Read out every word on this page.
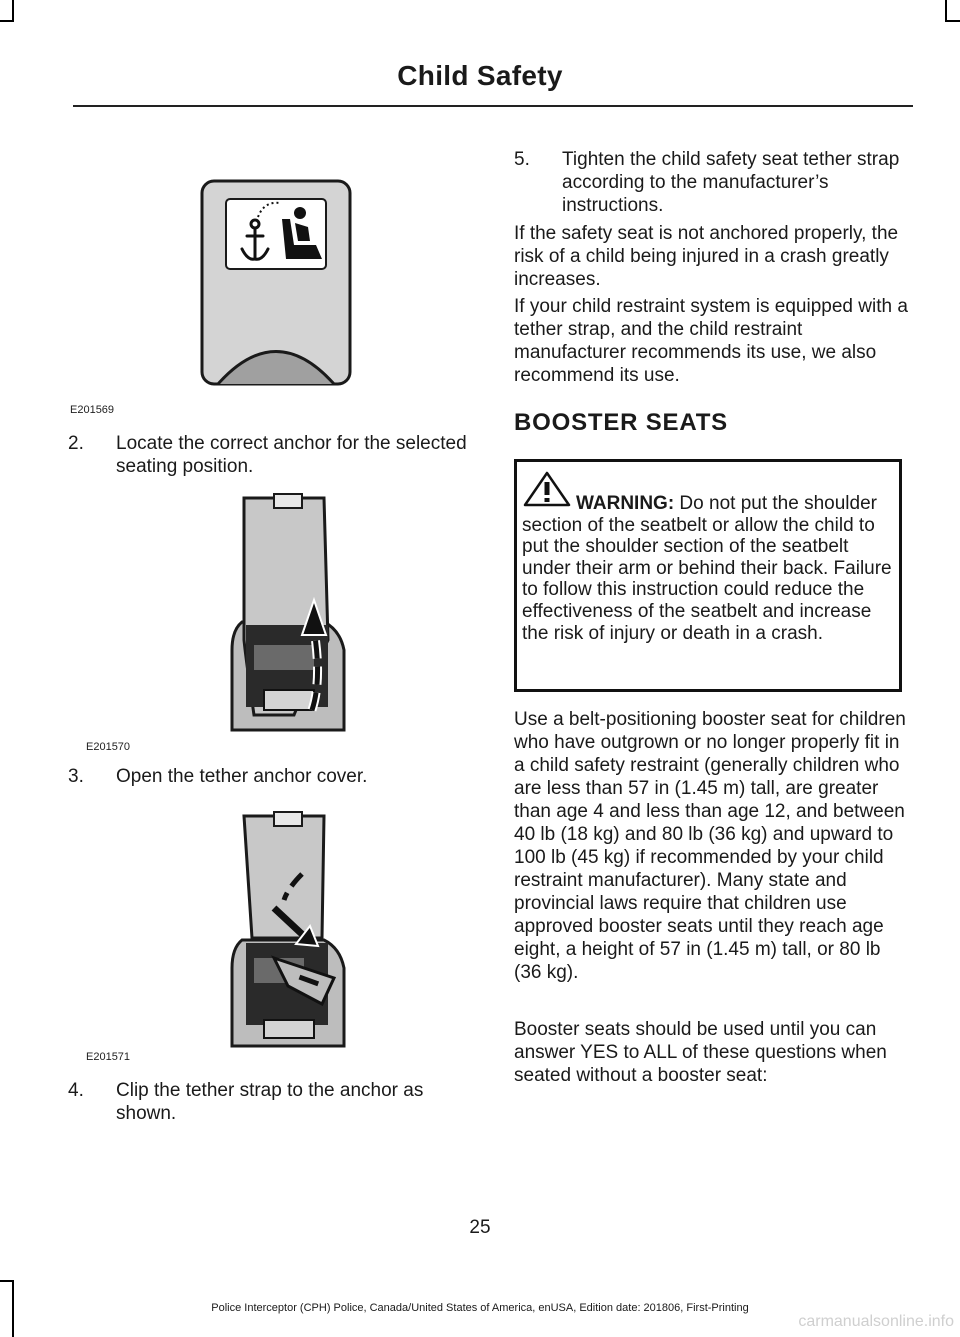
Child Safety
E201569
2.	Locate the correct anchor for the selected seating position.
E201570
3.	Open the tether anchor cover.
E201571
4.	Clip the tether strap to the anchor as shown.
5.	Tighten the child safety seat tether strap according to the manufacturer’s instructions.
If the safety seat is not anchored properly, the risk of a child being injured in a crash greatly increases.
If your child restraint system is equipped with a tether strap, and the child restraint manufacturer recommends its use, we also recommend its use.
BOOSTER SEATS
WARNING: Do not put the shoulder section of the seatbelt or allow the child to put the shoulder section of the seatbelt under their arm or behind their back. Failure to follow this instruction could reduce the effectiveness of the seatbelt and increase the risk of injury or death in a crash.
Use a belt-positioning booster seat for children who have outgrown or no longer properly fit in a child safety restraint (generally children who are less than 57 in (1.45 m) tall, are greater than age 4 and less than age 12, and between 40 lb (18 kg) and 80 lb (36 kg) and upward to 100 lb (45 kg) if recommended by your child restraint manufacturer). Many state and provincial laws require that children use approved booster seats until they reach age eight, a height of 57 in (1.45 m) tall, or 80 lb (36 kg).
Booster seats should be used until you can answer YES to ALL of these questions when seated without a booster seat:
25
Police Interceptor (CPH) Police, Canada/United States of America, enUSA, Edition date: 201806, First-Printing
carmanualsonline.info
